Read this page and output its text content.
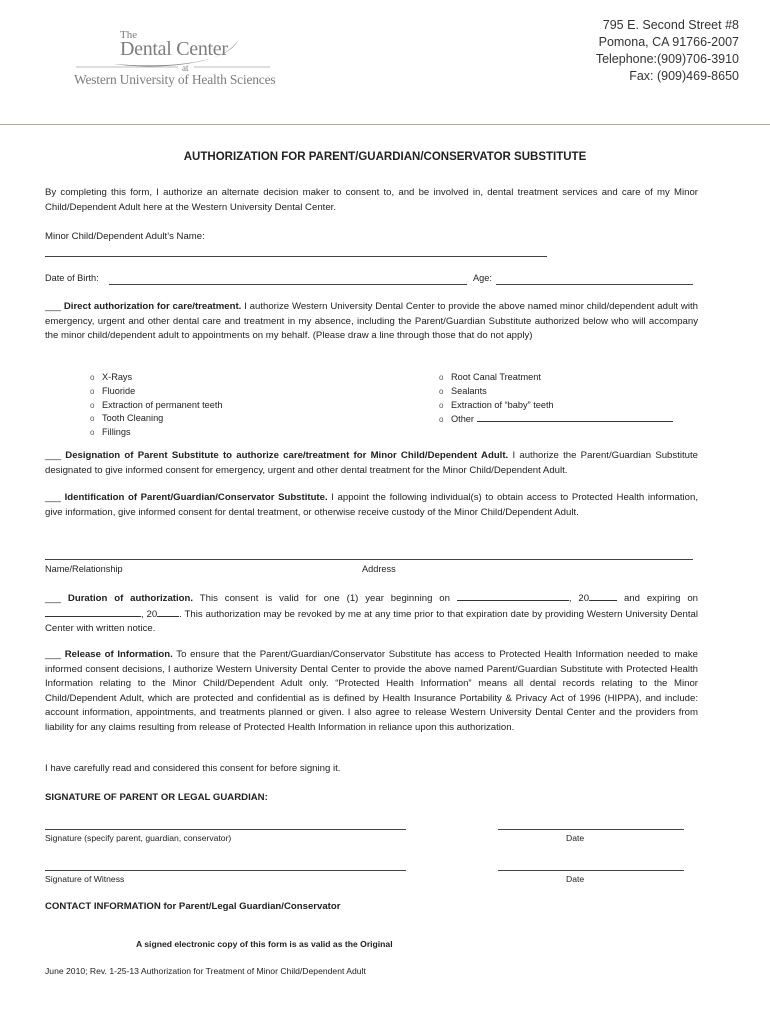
The
Dental Center
at
Western University of Health Sciences
795 E. Second Street #8
Pomona, CA 91766-2007
Telephone:(909)706-3910
Fax: (909)469-8650
AUTHORIZATION FOR PARENT/GUARDIAN/CONSERVATOR SUBSTITUTE
By completing this form, I authorize an alternate decision maker to consent to, and be involved in, dental treatment services and care of my Minor Child/Dependent Adult here at the Western University Dental Center.
Minor Child/Dependent Adult’s Name:
Date of Birth:	Age:
___ Direct authorization for care/treatment. I authorize Western University Dental Center to provide the above named minor child/dependent adult with emergency, urgent and other dental care and treatment in my absence, including the Parent/Guardian Substitute authorized below who will accompany the minor child/dependent adult to appointments on my behalf. (Please draw a line through those that do not apply)
o X-Rays
o Fluoride
o Extraction of permanent teeth
o Tooth Cleaning
o Fillings
o Root Canal Treatment
o Sealants
o Extraction of “baby” teeth
o Other
___ Designation of Parent Substitute to authorize care/treatment for Minor Child/Dependent Adult. I authorize the Parent/Guardian Substitute designated to give informed consent for emergency, urgent and other dental treatment for the Minor Child/Dependent Adult.
___ Identification of Parent/Guardian/Conservator Substitute. I appoint the following individual(s) to obtain access to Protected Health information, give information, give informed consent for dental treatment, or otherwise receive custody of the Minor Child/Dependent Adult.
Name/Relationship	Address
___ Duration of authorization. This consent is valid for one (1) year beginning on	, 20	and expiring on , 20 . This authorization may be revoked by me at any time prior to that expiration date by providing Western University Dental Center with written notice.
___ Release of Information. To ensure that the Parent/Guardian/Conservator Substitute has access to Protected Health Information needed to make informed consent decisions, I authorize Western University Dental Center to provide the above named Parent/Guardian Substitute with Protected Health Information relating to the Minor Child/Dependent Adult only. “Protected Health Information” means all dental records relating to the Minor Child/Dependent Adult, which are protected and confidential as is defined by Health Insurance Portability & Privacy Act of 1996 (HIPPA), and include: account information, appointments, and treatments planned or given. I also agree to release Western University Dental Center and the providers from liability for any claims resulting from release of Protected Health Information in reliance upon this authorization.
I have carefully read and considered this consent for before signing it.
SIGNATURE OF PARENT OR LEGAL GUARDIAN:
Signature (specify parent, guardian, conservator)	Date
Signature of Witness	Date
CONTACT INFORMATION for Parent/Legal Guardian/Conservator
A signed electronic copy of this form is as valid as the Original
June 2010; Rev. 1-25-13 Authorization for Treatment of Minor Child/Dependent Adult
